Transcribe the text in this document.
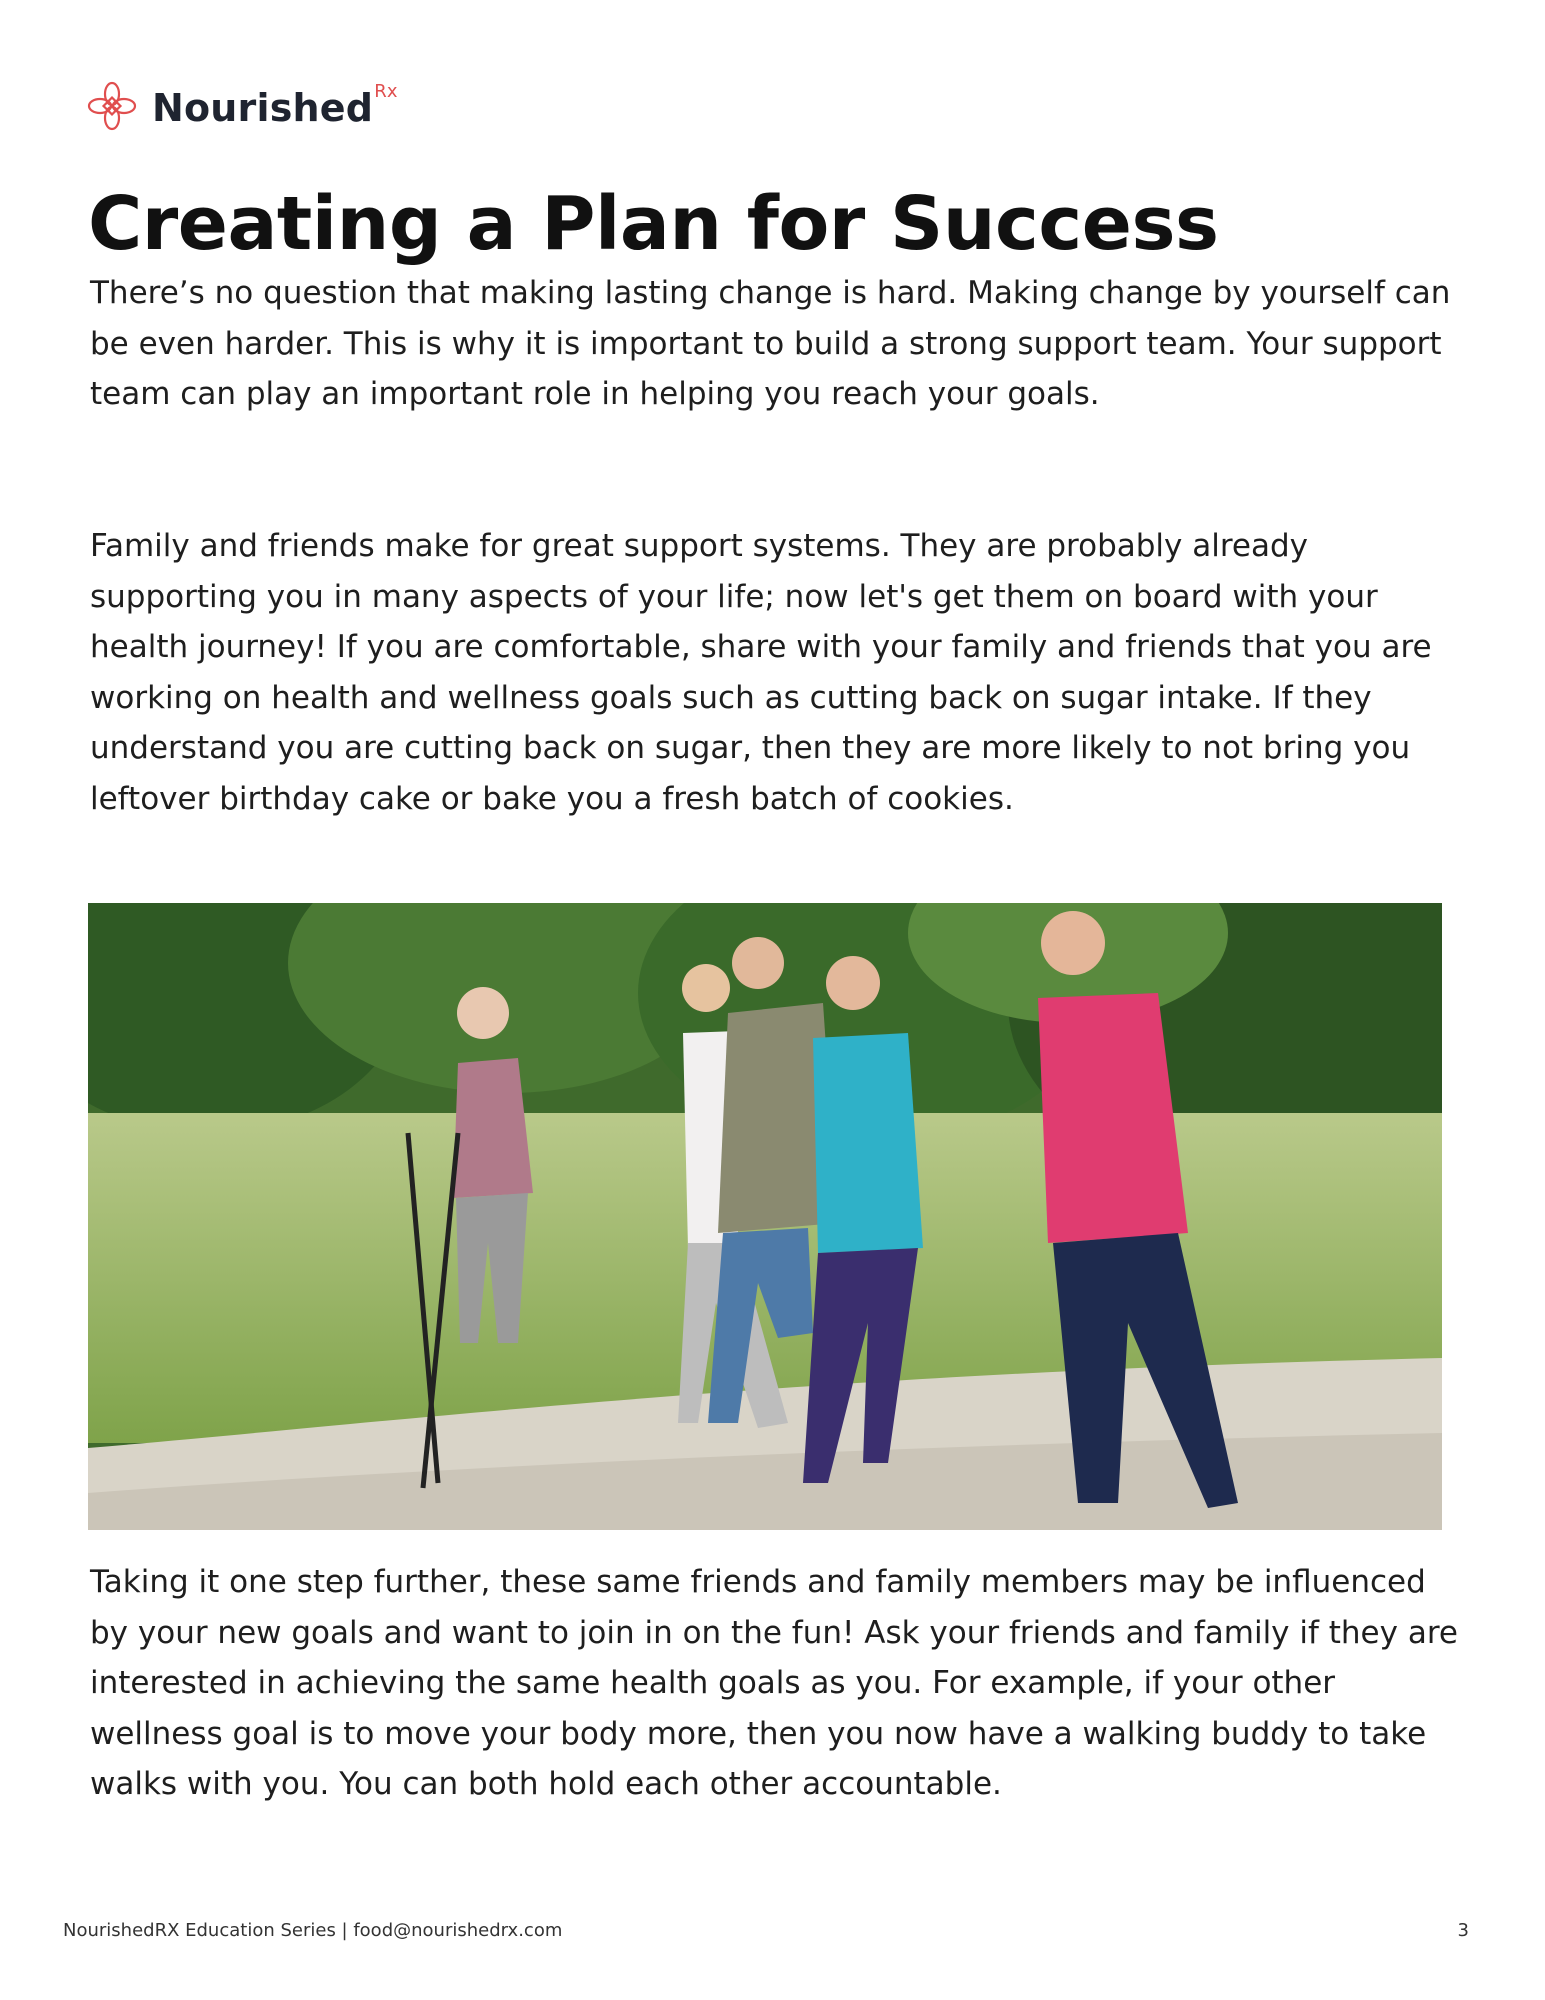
Nourished$^{Rx}$
Creating a Plan for Success

There’s no question that making lasting change is hard. Making change by yourself can be even harder. This is why it is important to build a strong support team. Your support team can play an important role in helping you reach your goals.

Family and friends make for great support systems. They are probably already supporting you in many aspects of your life; now let's get them on board with your health journey! If you are comfortable, share with your family and friends that you are working on health and wellness goals such as cutting back on sugar intake. If they understand you are cutting back on sugar, then they are more likely to not bring you leftover birthday cake or bake you a fresh batch of cookies.

Taking it one step further, these same friends and family members may be influenced by your new goals and want to join in on the fun! Ask your friends and family if they are interested in achieving the same health goals as you. For example, if your other wellness goal is to move your body more, then you now have a walking buddy to take walks with you. You can both hold each other accountable.

NourishedRX Education Series | food@nourishedrx.com	3
